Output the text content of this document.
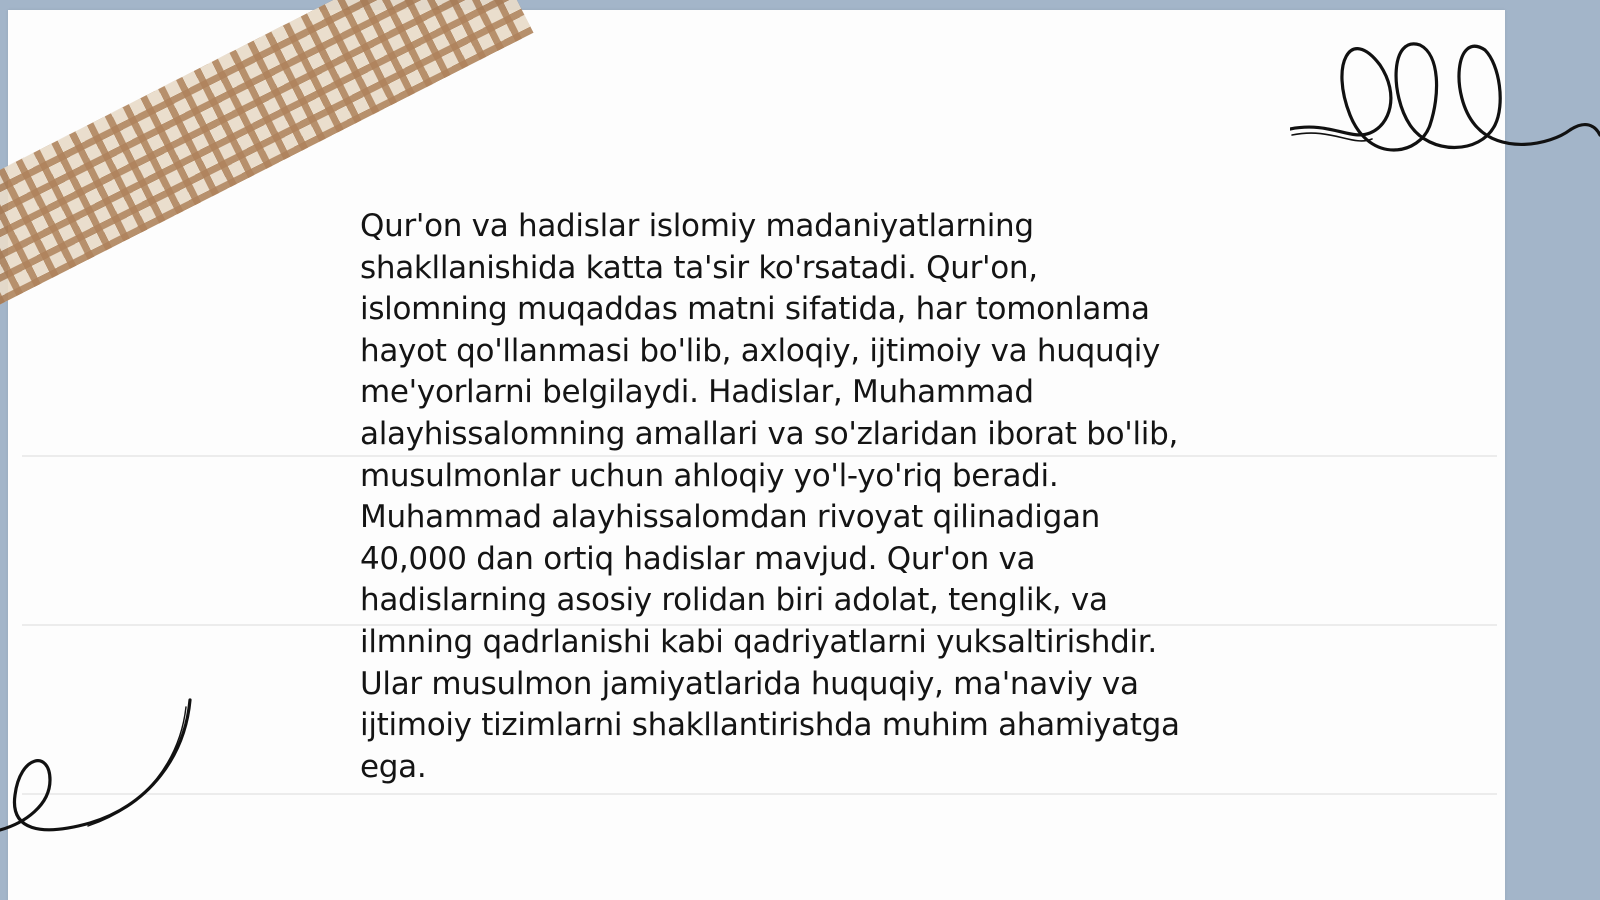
Qur'on va hadislar islomiy madaniyatlarning
shakllanishida katta ta'sir ko'rsatadi. Qur'on,
islomning muqaddas matni sifatida, har tomonlama
hayot qo'llanmasi bo'lib, axloqiy, ijtimoiy va huquqiy
me'yorlarni belgilaydi. Hadislar, Muhammad
alayhissalomning amallari va so'zlaridan iborat bo'lib,
musulmonlar uchun ahloqiy yo'l-yo'riq beradi.
Muhammad alayhissalomdan rivoyat qilinadigan
40,000 dan ortiq hadislar mavjud. Qur'on va
hadislarning asosiy rolidan biri adolat, tenglik, va
ilmning qadrlanishi kabi qadriyatlarni yuksaltirishdir.
Ular musulmon jamiyatlarida huquqiy, ma'naviy va
ijtimoiy tizimlarni shakllantirishda muhim ahamiyatga
ega.
